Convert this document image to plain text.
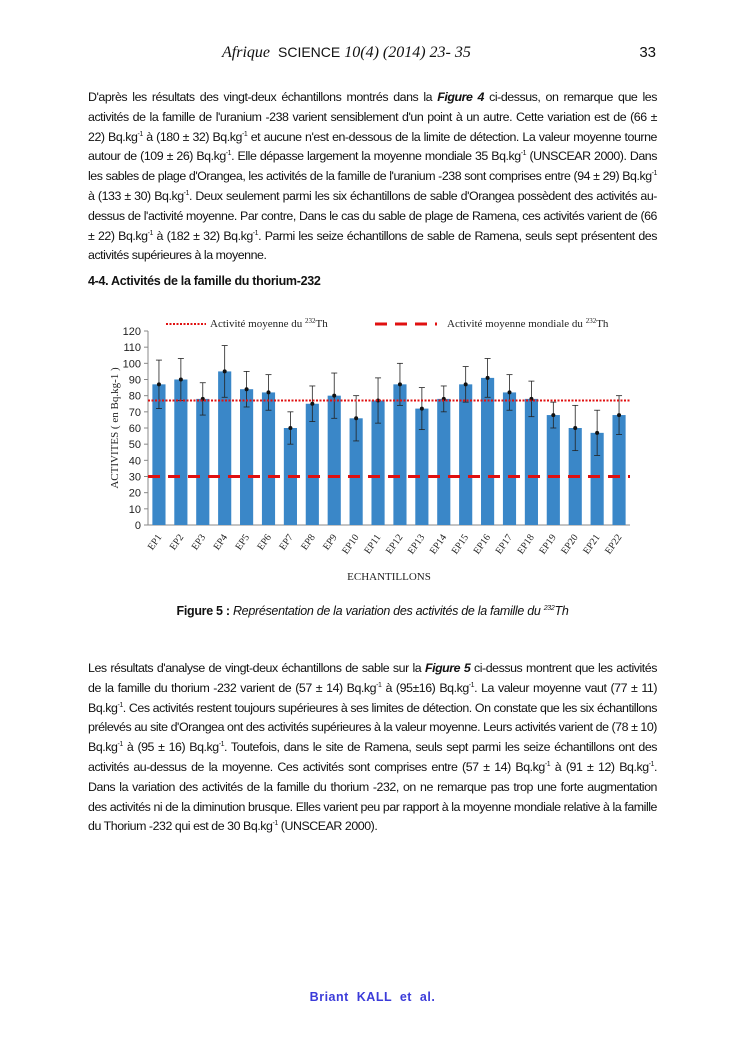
Afrique SCIENCE 10(4) (2014) 23- 35	33
D'après les résultats des vingt-deux échantillons montrés dans la Figure 4 ci-dessus, on remarque que les activités de la famille de l'uranium -238 varient sensiblement d'un point à un autre. Cette variation est de (66 ± 22) $Bq.kg^{-1}$ à (180 ± 32) $Bq.kg^{-1}$ et aucune n'est en-dessous de la limite de détection. La valeur moyenne tourne autour de (109 ± 26) $Bq.kg^{-1}$. Elle dépasse largement la moyenne mondiale 35 $Bq.kg^{-1}$ (UNSCEAR 2000). Dans les sables de plage d'Orangea, les activités de la famille de l'uranium -238 sont comprises entre (94 ± 29) $Bq.kg^{-1}$ à (133 ± 30) $Bq.kg^{-1}$. Deux seulement parmi les six échantillons de sable d'Orangea possèdent des activités au-dessus de l'activité moyenne. Par contre, Dans le cas du sable de plage de Ramena, ces activités varient de (66 ± 22) $Bq.kg^{-1}$ à (182 ± 32) $Bq.kg^{-1}$. Parmi les seize échantillons de sable de Ramena, seuls sept présentent des activités supérieures à la moyenne.
4-4. Activités de la famille du thorium-232
0
10
20
30
40
50
60
70
80
90
100
110
120
EP1 EP2 EP3 EP4 EP5 EP6 EP7 EP8 EP9 EP10 EP11 EP12 EP13 EP14 EP15 EP16 EP17 EP18 EP19 EP20 EP21 EP22
Activité moyenne du $^{232}$Th	Activité moyenne mondiale du $^{232}$Th
ECHANTILLONS
ACTIVITES ( en Bq.kg-1 )
Figure 5 : Représentation de la variation des activités de la famille du $^{232}$Th
Les résultats d'analyse de vingt-deux échantillons de sable sur la Figure 5 ci-dessus montrent que les activités de la famille du thorium -232 varient de (57 ± 14) $Bq.kg^{-1}$ à (95±16) $Bq.kg^{-1}$. La valeur moyenne vaut (77 ± 11) $Bq.kg^{-1}$. Ces activités restent toujours supérieures à ses limites de détection. On constate que les six échantillons prélevés au site d'Orangea ont des activités supérieures à la valeur moyenne. Leurs activités varient de (78 ± 10) $Bq.kg^{-1}$ à (95 ± 16) $Bq.kg^{-1}$. Toutefois, dans le site de Ramena, seuls sept parmi les seize échantillons ont des activités au-dessus de la moyenne. Ces activités sont comprises entre (57 ± 14) $Bq.kg^{-1}$ à (91 ± 12) $Bq.kg^{-1}$. Dans la variation des activités de la famille du thorium -232, on ne remarque pas trop une forte augmentation des activités ni de la diminution brusque. Elles varient peu par rapport à la moyenne mondiale relative à la famille du Thorium -232 qui est de 30 $Bq.kg^{-1}$ (UNSCEAR 2000).
Briant KALL et al.
